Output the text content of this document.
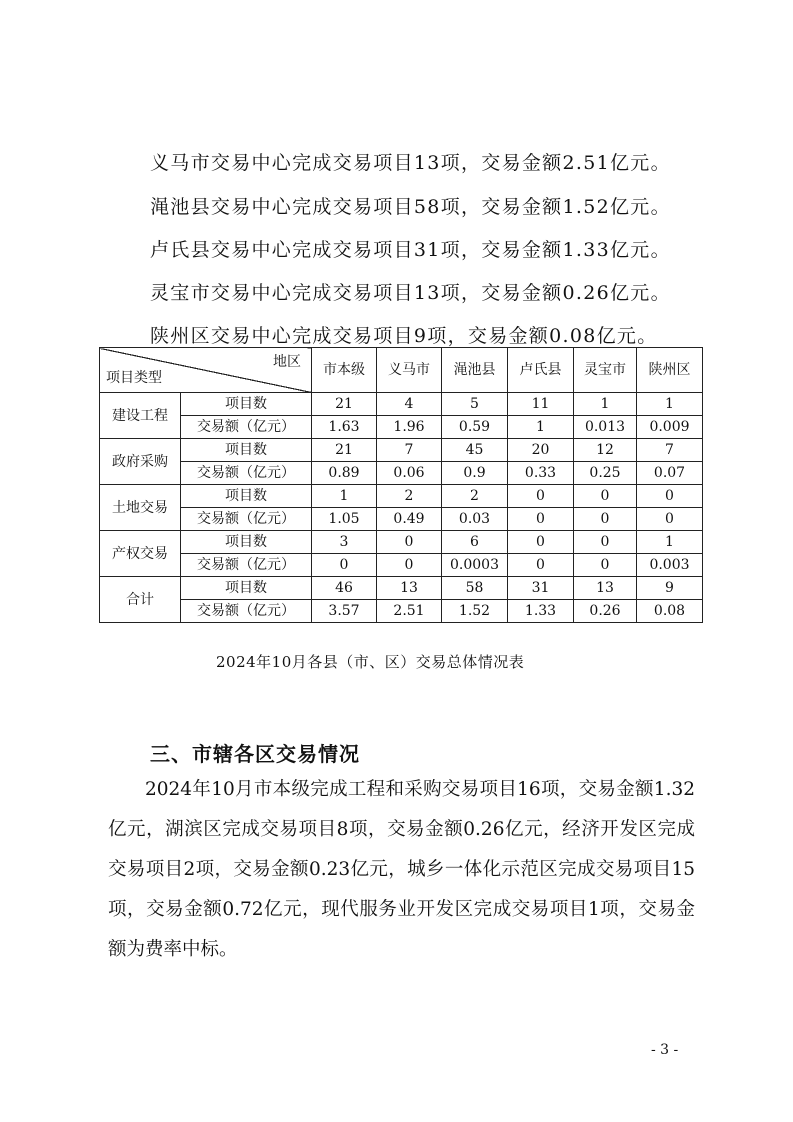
义马市交易中心完成交易项目13项，交易金额2.51亿元。
渑池县交易中心完成交易项目58项，交易金额1.52亿元。
卢氏县交易中心完成交易项目31项，交易金额1.33亿元。
灵宝市交易中心完成交易项目13项，交易金额0.26亿元。
陕州区交易中心完成交易项目9项，交易金额0.08亿元。
地区
项目类型		市本级	义马市	渑池县	卢氏县	灵宝市	陕州区
建设工程	项目数	21	4	5	11	1	1
	交易额（亿元）	1.63	1.96	0.59	1	0.013	0.009
政府采购	项目数	21	7	45	20	12	7
	交易额（亿元）	0.89	0.06	0.9	0.33	0.25	0.07
土地交易	项目数	1	2	2	0	0	0
	交易额（亿元）	1.05	0.49	0.03	0	0	0
产权交易	项目数	3	0	6	0	0	1
	交易额（亿元）	0	0	0.0003	0	0	0.003
合计	项目数	46	13	58	31	13	9
	交易额（亿元）	3.57	2.51	1.52	1.33	0.26	0.08
2024年10月各县（市、区）交易总体情况表
三、市辖各区交易情况
2024年10月市本级完成工程和采购交易项目16项，交易金额1.32亿元，湖滨区完成交易项目8项，交易金额0.26亿元，经济开发区完成交易项目2项，交易金额0.23亿元，城乡一体化示范区完成交易项目15项，交易金额0.72亿元，现代服务业开发区完成交易项目1项，交易金额为费率中标。
- 3 -
